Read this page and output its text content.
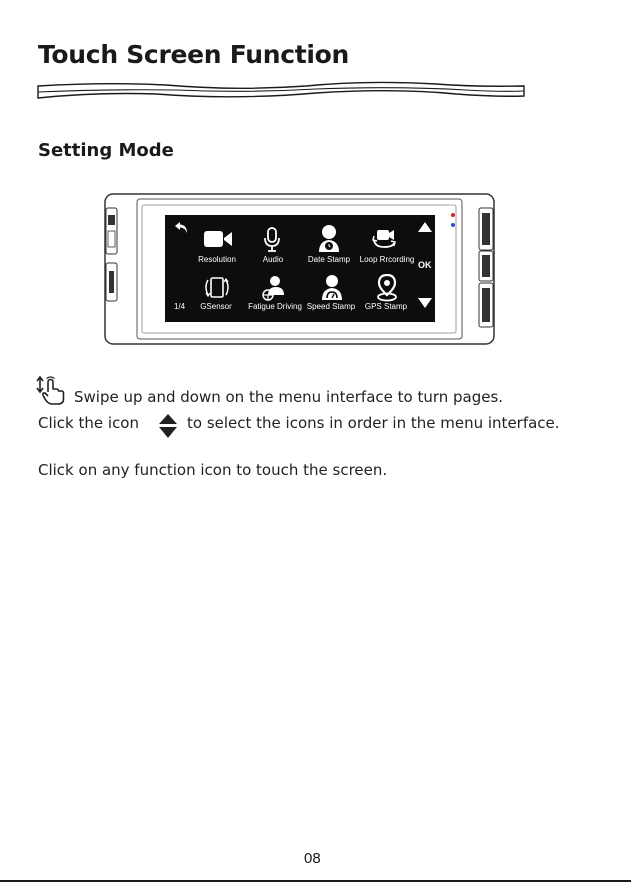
Touch Screen Function
Setting Mode
Resolution	Audio	Date Stamp Loop Rrcording
1/4 GSensor Fatigue Driving Speed Stamp GPS Stamp
OK
Swipe up and down on the menu interface to turn pages.
Click the icon	to select the icons in order in the menu interface.
Click on any function icon to touch the screen.
08
